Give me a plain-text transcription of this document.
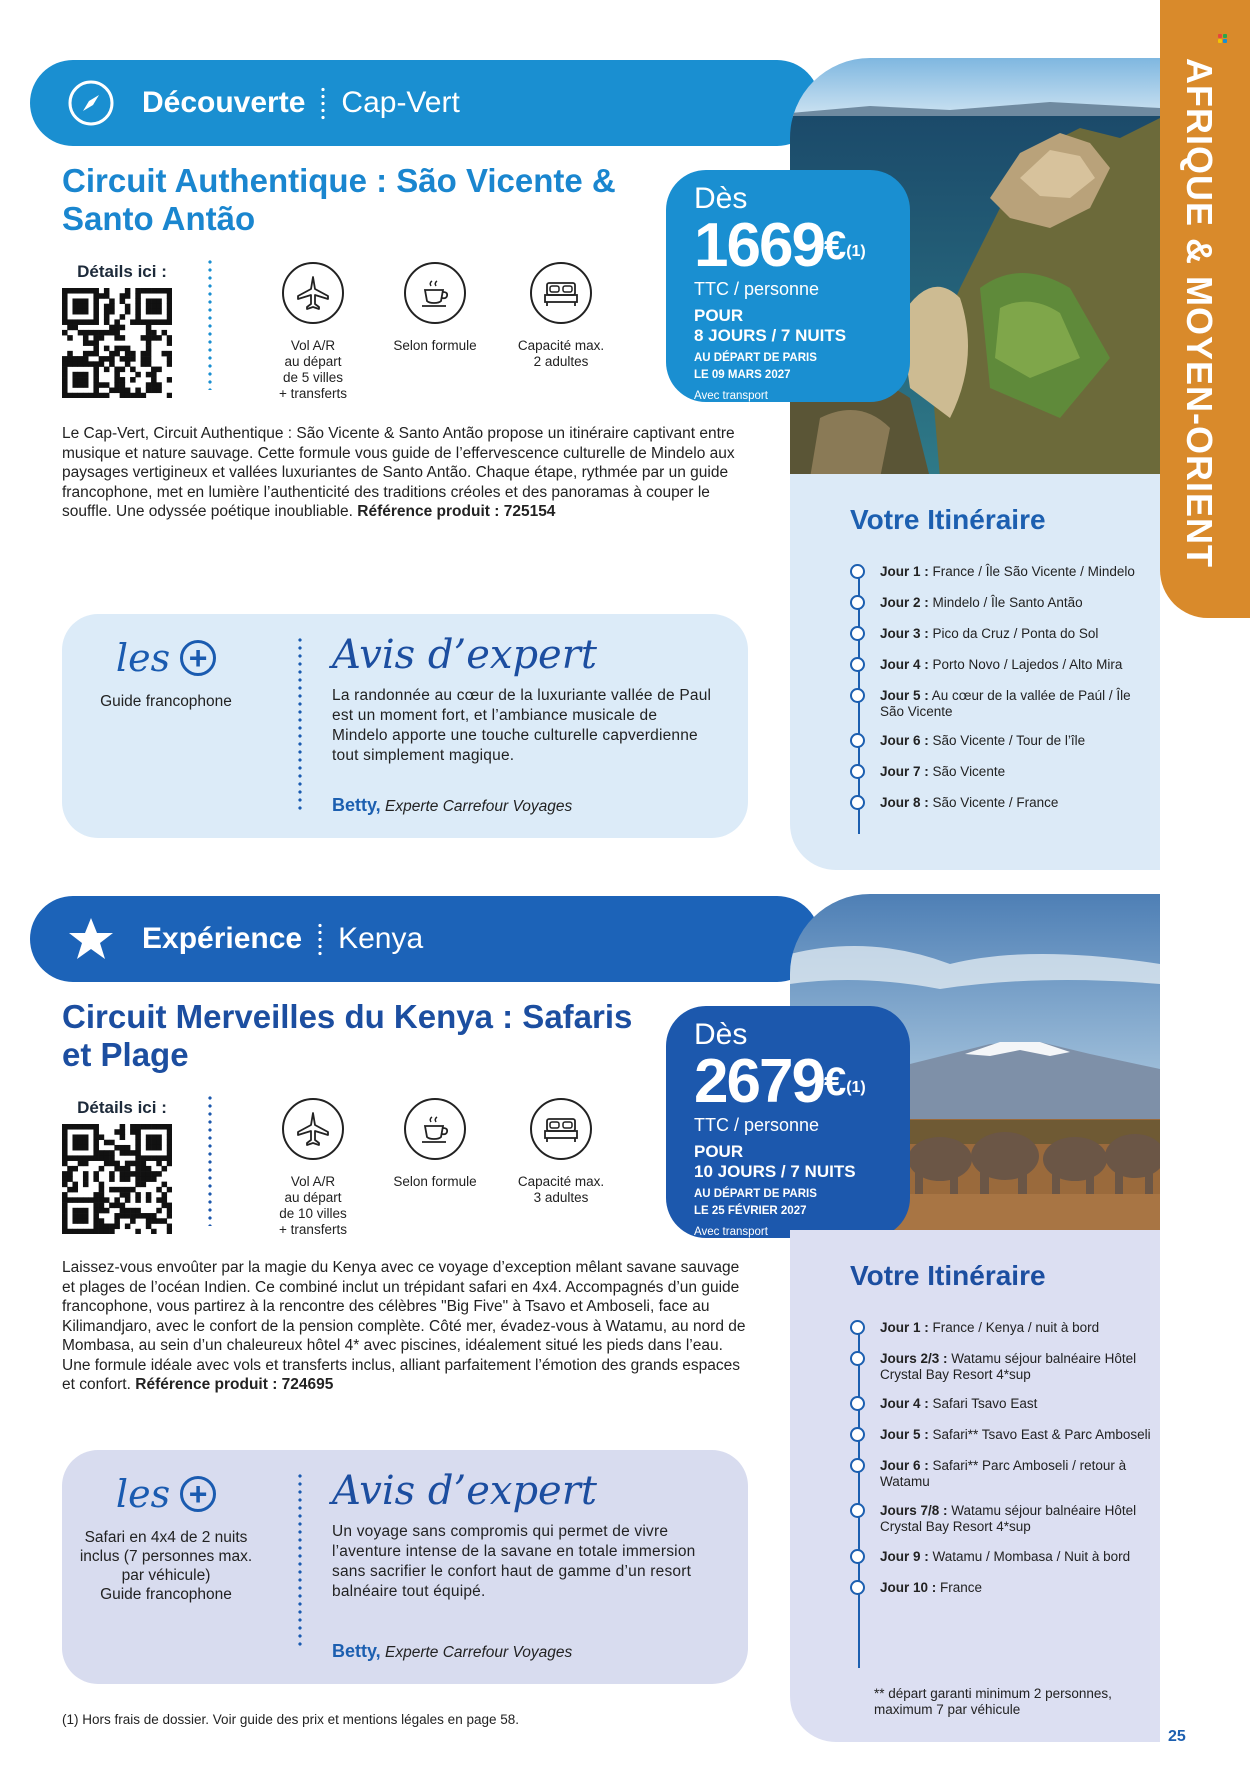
AFRIQUE & MOYEN-ORIENT
Découverte Cap-Vert
Circuit Authentique : São Vicente & Santo Antão
Dès
$1669^{€(1)}$
TTC / personne
POUR
8 JOURS / 7 NUITS
AU DÉPART DE PARIS
LE 09 MARS 2027
Avec transport
Détails ici :
Vol A/R
au départ
de 5 villes
+ transferts
Selon formule	Capacité max.
2 adultes
Le Cap-Vert, Circuit Authentique : São Vicente & Santo Antão propose un itinéraire captivant entre musique et nature sauvage. Cette formule vous guide de l’effervescence culturelle de Mindelo aux paysages vertigineux et vallées luxuriantes de Santo Antão. Chaque étape, rythmée par un guide francophone, met en lumière l’authenticité des traditions créoles et des panoramas à couper le souffle. Une odyssée poétique inoubliable. Référence produit : 725154
les +
Guide francophone
Avis d’expert
La randonnée au cœur de la luxuriante vallée de Paul est un moment fort, et l’ambiance musicale de Mindelo apporte une touche culturelle capverdienne tout simplement magique.
Betty, Experte Carrefour Voyages
Votre Itinéraire
Jour 1 : France / Île São Vicente / Mindelo
Jour 2 : Mindelo / Île Santo Antão
Jour 3 : Pico da Cruz / Ponta do Sol
Jour 4 : Porto Novo / Lajedos / Alto Mira
Jour 5 : Au cœur de la vallée de Paúl / Île São Vicente
Jour 6 : São Vicente / Tour de l’île
Jour 7 : São Vicente
Jour 8 : São Vicente / France
Expérience Kenya
Circuit Merveilles du Kenya : Safaris et Plage
Dès
$2679^{€(1)}$
TTC / personne
POUR
10 JOURS / 7 NUITS
AU DÉPART DE PARIS
LE 25 FÉVRIER 2027
Avec transport
Détails ici :
Vol A/R
au départ
de 10 villes
+ transferts
Selon formule	Capacité max.
3 adultes
Laissez-vous envoûter par la magie du Kenya avec ce voyage d’exception mêlant savane sauvage et plages de l’océan Indien. Ce combiné inclut un trépidant safari en 4x4. Accompagnés d’un guide francophone, vous partirez à la rencontre des célèbres "Big Five" à Tsavo et Amboseli, face au Kilimandjaro, avec le confort de la pension complète. Côté mer, évadez-vous à Watamu, au nord de Mombasa, au sein d’un chaleureux hôtel 4* avec piscines, idéalement situé les pieds dans l’eau. Une formule idéale avec vols et transferts inclus, alliant parfaitement l’émotion des grands espaces et confort. Référence produit : 724695
les +
Safari en 4x4 de 2 nuits inclus (7 personnes max. par véhicule)
Guide francophone
Avis d’expert
Un voyage sans compromis qui permet de vivre l’aventure intense de la savane en totale immersion sans sacrifier le confort haut de gamme d’un resort balnéaire tout équipé.
Betty, Experte Carrefour Voyages
Votre Itinéraire
Jour 1 : France / Kenya / nuit à bord
Jours 2/3 : Watamu séjour balnéaire Hôtel Crystal Bay Resort 4*sup
Jour 4 : Safari Tsavo East
Jour 5 : Safari** Tsavo East & Parc Amboseli
Jour 6 : Safari** Parc Amboseli / retour à Watamu
Jours 7/8 : Watamu séjour balnéaire Hôtel Crystal Bay Resort 4*sup
Jour 9 : Watamu / Mombasa / Nuit à bord
Jour 10 : France
** départ garanti minimum 2 personnes, maximum 7 par véhicule
(1) Hors frais de dossier. Voir guide des prix et mentions légales en page 58.
25
